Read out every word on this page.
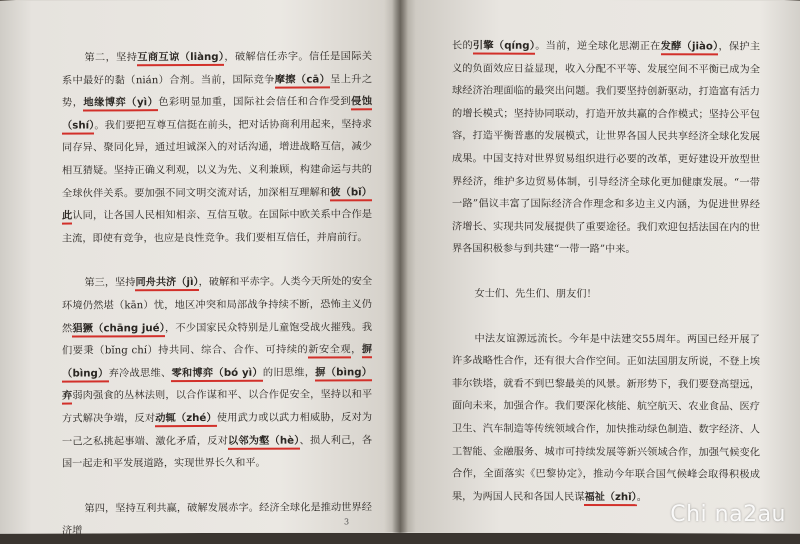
第二，坚持互商互谅（liàng），破解信任赤字。信任是国际关系中最好的黏（nián）合剂。当前，国际竞争摩擦（cā）呈上升之势，地缘博弈（yì）色彩明显加重，国际社会信任和合作受到侵蚀（shí）。我们要把互尊互信挺在前头，把对话协商利用起来，坚持求同存异、聚同化异，通过坦诚深入的对话沟通，增进战略互信，减少相互猜疑。坚持正确义利观，以义为先、义利兼顾，构建命运与共的全球伙伴关系。要加强不同文明交流对话，加深相互理解和彼（bǐ）此认同，让各国人民相知相亲、互信互敬。在国际中欧关系中合作是主流，即使有竞争，也应是良性竞争。我们要相互信任，并肩前行。

第三，坚持同舟共济（jì），破解和平赤字。人类今天所处的安全环境仍然堪（kān）忧，地区冲突和局部战争持续不断，恐怖主义仍然猖獗（chāng jué），不少国家民众特别是儿童饱受战火摧残。我们要秉（bǐng chí）持共同、综合、合作、可持续的新安全观，摒（bìng）弃冷战思维、零和博弈（bó yì）的旧思维，摒（bìng）弃弱肉强食的丛林法则，以合作谋和平、以合作促安全，坚持以和平方式解决争端，反对动辄（zhé）使用武力或以武力相威胁，反对为一己之私挑起事端、激化矛盾，反对以邻为壑（hè）、损人利己，各国一起走和平发展道路，实现世界长久和平。

第四，坚持互利共赢，破解发展赤字。经济全球化是推动世界经济增

3

长的引擎（qíng）。当前，逆全球化思潮正在发酵（jiào），保护主义的负面效应日益显现，收入分配不平等、发展空间不平衡已成为全球经济治理面临的最突出问题。我们要坚持创新驱动，打造富有活力的增长模式；坚持协同联动，打造开放共赢的合作模式；坚持公平包容，打造平衡普惠的发展模式，让世界各国人民共享经济全球化发展成果。中国支持对世界贸易组织进行必要的改革，更好建设开放型世界经济，维护多边贸易体制，引导经济全球化更加健康发展。“一带一路”倡议丰富了国际经济合作理念和多边主义内涵，为促进世界经济增长、实现共同发展提供了重要途径。我们欢迎包括法国在内的世界各国积极参与到共建“一带一路”中来。

女士们、先生们、朋友们！

中法友谊源远流长。今年是中法建交55周年。两国已经开展了许多战略性合作，还有很大合作空间。正如法国朋友所说，不登上埃菲尔铁塔，就看不到巴黎最美的风景。新形势下，我们要登高望远，面向未来，加强合作。我们要深化核能、航空航天、农业食品、医疗卫生、汽车制造等传统领域合作，加快推动绿色制造、数字经济、人工智能、金融服务、城市可持续发展等新兴领域合作，加强气候变化合作，全面落实《巴黎协定》，推动今年联合国气候峰会取得积极成果，为两国人民和各国人民谋福祉（zhǐ）。

Chi na2au
